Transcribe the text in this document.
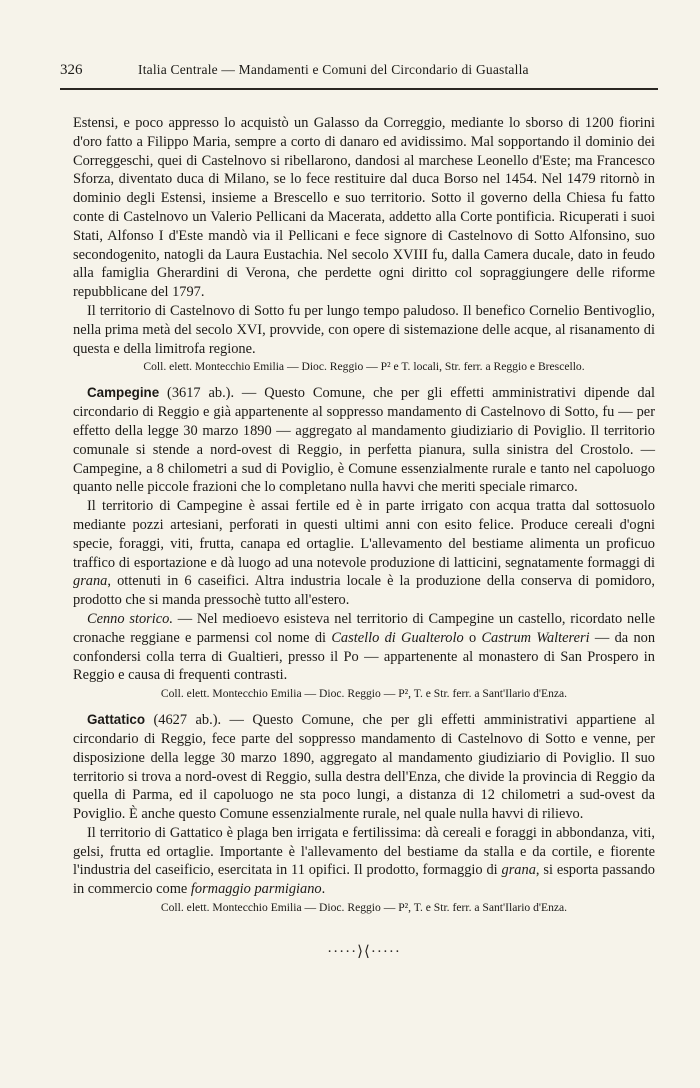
326	Italia Centrale — Mandamenti e Comuni del Circondario di Guastalla

Estensi, e poco appresso lo acquistò un Galasso da Correggio, mediante lo sborso di 1200 fiorini d'oro fatto a Filippo Maria, sempre a corto di danaro ed avidissimo. Mal sopportando il dominio dei Correggeschi, quei di Castelnovo si ribellarono, dandosi al marchese Leonello d'Este; ma Francesco Sforza, diventato duca di Milano, se lo fece restituire dal duca Borso nel 1454. Nel 1479 ritornò in dominio degli Estensi, insieme a Brescello e suo territorio. Sotto il governo della Chiesa fu fatto conte di Castelnovo un Valerio Pellicani da Macerata, addetto alla Corte pontificia. Ricuperati i suoi Stati, Alfonso I d'Este mandò via il Pellicani e fece signore di Castelnovo di Sotto Alfonsino, suo secondogenito, natogli da Laura Eustachia. Nel secolo XVIII fu, dalla Camera ducale, dato in feudo alla famiglia Gherardini di Verona, che perdette ogni diritto col sopraggiungere delle riforme repubblicane del 1797.

Il territorio di Castelnovo di Sotto fu per lungo tempo paludoso. Il benefico Cornelio Bentivoglio, nella prima metà del secolo XVI, provvide, con opere di sistemazione delle acque, al risanamento di questa e della limitrofa regione.

Coll. elett. Montecchio Emilia — Dioc. Reggio — P² e T. locali, Str. ferr. a Reggio e Brescello.

Campegine (3617 ab.). — Questo Comune, che per gli effetti amministrativi dipende dal circondario di Reggio e già appartenente al soppresso mandamento di Castelnovo di Sotto, fu — per effetto della legge 30 marzo 1890 — aggregato al mandamento giudiziario di Poviglio. Il territorio comunale si stende a nord-ovest di Reggio, in perfetta pianura, sulla sinistra del Crostolo. — Campegine, a 8 chilometri a sud di Poviglio, è Comune essenzialmente rurale e tanto nel capoluogo quanto nelle piccole frazioni che lo completano nulla havvi che meriti speciale rimarco.

Il territorio di Campegine è assai fertile ed è in parte irrigato con acqua tratta dal sottosuolo mediante pozzi artesiani, perforati in questi ultimi anni con esito felice. Produce cereali d'ogni specie, foraggi, viti, frutta, canapa ed ortaglie. L'allevamento del bestiame alimenta un proficuo traffico di esportazione e dà luogo ad una notevole produzione di latticini, segnatamente formaggi di grana, ottenuti in 6 caseifici. Altra industria locale è la produzione della conserva di pomidoro, prodotto che si manda pressochè tutto all'estero.

Cenno storico. — Nel medioevo esisteva nel territorio di Campegine un castello, ricordato nelle cronache reggiane e parmensi col nome di Castello di Gualterolo o Castrum Waltereri — da non confondersi colla terra di Gualtieri, presso il Po — appartenente al monastero di San Prospero in Reggio e causa di frequenti contrasti.

Coll. elett. Montecchio Emilia — Dioc. Reggio — P², T. e Str. ferr. a Sant'Ilario d'Enza.

Gattatico (4627 ab.). — Questo Comune, che per gli effetti amministrativi appartiene al circondario di Reggio, fece parte del soppresso mandamento di Castelnovo di Sotto e venne, per disposizione della legge 30 marzo 1890, aggregato al mandamento giudiziario di Poviglio. Il suo territorio si trova a nord-ovest di Reggio, sulla destra dell'Enza, che divide la provincia di Reggio da quella di Parma, ed il capoluogo ne sta poco lungi, a distanza di 12 chilometri a sud-ovest da Poviglio. È anche questo Comune essenzialmente rurale, nel quale nulla havvi di rilievo.

Il territorio di Gattatico è plaga ben irrigata e fertilissima: dà cereali e foraggi in abbondanza, viti, gelsi, frutta ed ortaglie. Importante è l'allevamento del bestiame da stalla e da cortile, e fiorente l'industria del caseificio, esercitata in 11 opifici. Il prodotto, formaggio di grana, si esporta passando in commercio come formaggio parmigiano.

Coll. elett. Montecchio Emilia — Dioc. Reggio — P², T. e Str. ferr. a Sant'Ilario d'Enza.

·····⟩⟨·····
